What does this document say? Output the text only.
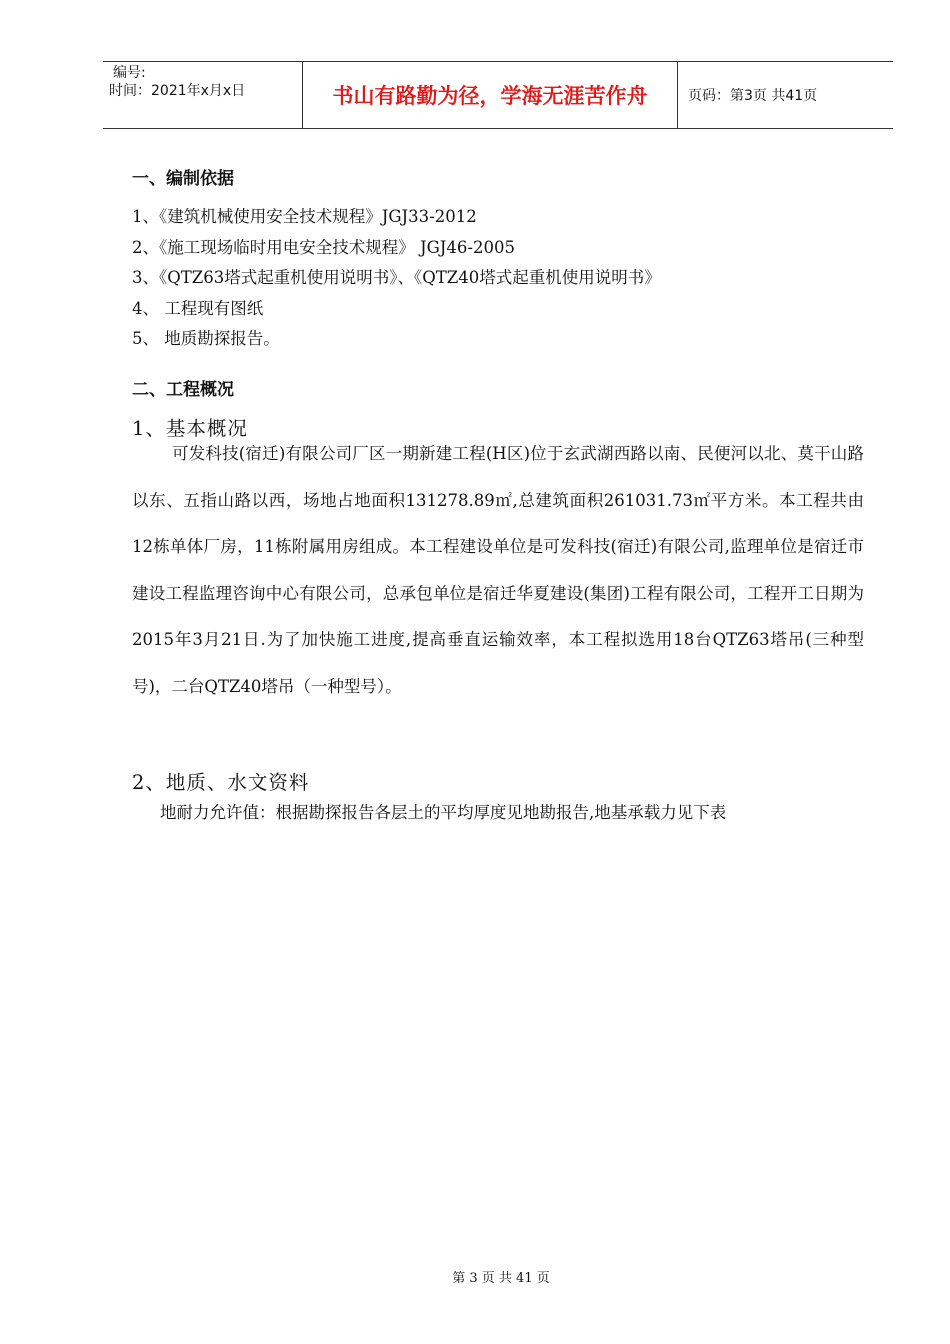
编号:
时间：2021年x月x日	书山有路勤为径，学海无涯苦作舟	页码：第3页 共41页
一、编制依据
1、《建筑机械使用安全技术规程》JGJ33-2012
2、《施工现场临时用电安全技术规程》 JGJ46-2005
3、《QTZ63塔式起重机使用说明书》、《QTZ40塔式起重机使用说明书》
4、 工程现有图纸
5、 地质勘探报告。
二、工程概况
1、基本概况
可发科技(宿迁)有限公司厂区一期新建工程(H区)位于玄武湖西路以南、民便河以北、莫干山路以东、五指山路以西，场地占地面积131278.89㎡,总建筑面积261031.73㎡平方米。本工程共由12栋单体厂房，11栋附属用房组成。本工程建设单位是可发科技(宿迁)有限公司,监理单位是宿迁市建设工程监理咨询中心有限公司，总承包单位是宿迁华夏建设(集团)工程有限公司，工程开工日期为2015年3月21日.为了加快施工进度,提高垂直运输效率，本工程拟选用18台QTZ63塔吊(三种型号)，二台QTZ40塔吊（一种型号）。
2、地质、水文资料
地耐力允许值：根据勘探报告各层土的平均厚度见地勘报告,地基承载力见下表
第 3 页 共 41 页
